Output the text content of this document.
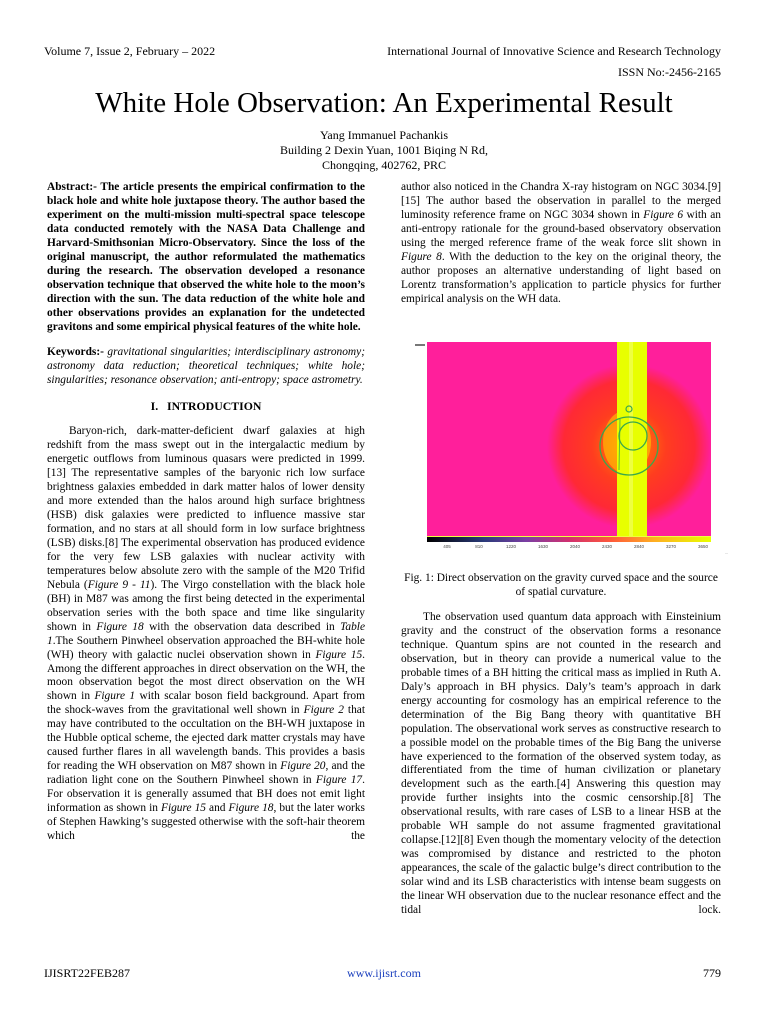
Volume 7, Issue 2, February – 2022	International Journal of Innovative Science and Research Technology
ISSN No:-2456-2165
White Hole Observation: An Experimental Result
Yang Immanuel Pachankis
Building 2 Dexin Yuan, 1001 Biqing N Rd,
Chongqing, 402762, PRC

Abstract:- The article presents the empirical confirmation to the black hole and white hole juxtapose theory. The author based the experiment on the multi-mission multi-spectral space telescope data conducted remotely with the NASA Data Challenge and Harvard-Smithsonian Micro-Observatory. Since the loss of the original manuscript, the author reformulated the mathematics during the research. The observation developed a resonance observation technique that observed the white hole to the moon’s direction with the sun. The data reduction of the white hole and other observations provides an explanation for the undetected gravitons and some empirical physical features of the white hole.

Keywords:- gravitational singularities; interdisciplinary astronomy; astronomy data reduction; theoretical techniques; white hole; singularities; resonance observation; anti-entropy; space astrometry.

I.   INTRODUCTION

Baryon-rich, dark-matter-deficient dwarf galaxies at high redshift from the mass swept out in the intergalactic medium by energetic outflows from luminous quasars were predicted in 1999.[13] The representative samples of the baryonic rich low surface brightness galaxies embedded in dark matter halos of lower density and more extended than the halos around high surface brightness (HSB) disk galaxies were predicted to influence massive star formation, and no stars at all should form in low surface brightness (LSB) disks.[8] The experimental observation has produced evidence for the very few LSB galaxies with nuclear activity with temperatures below absolute zero with the sample of the M20 Trifid Nebula (Figure 9 - 11). The Virgo constellation with the black hole (BH) in M87 was among the first being detected in the experimental observation series with the both space and time like singularity shown in Figure 18 with the observation data described in Table 1.The Southern Pinwheel observation approached the BH-white hole (WH) theory with galactic nuclei observation shown in Figure 15. Among the different approaches in direct observation on the WH, the moon observation begot the most direct observation on the WH shown in Figure 1 with scalar boson field background. Apart from the shock-waves from the gravitational well shown in Figure 2 that may have contributed to the occultation on the BH-WH juxtapose in the Hubble optical scheme, the ejected dark matter crystals may have caused further flares in all wavelength bands. This provides a basis for reading the WH observation on M87 shown in Figure 20, and the radiation light cone on the Southern Pinwheel shown in Figure 17. For observation it is generally assumed that BH does not emit light information as shown in Figure 15 and Figure 18, but the later works of Stephen Hawking’s suggested otherwise with the soft-hair theorem which the

author also noticed in the Chandra X-ray histogram on NGC 3034.[9] [15] The author based the observation in parallel to the merged luminosity reference frame on NGC 3034 shown in Figure 6 with an anti-entropy rationale for the ground-based observatory observation using the merged reference frame of the weak force slit shown in Figure 8. With the deduction to the key on the original theory, the author proposes an alternative understanding of light based on Lorentz transformation’s application to particle physics for further empirical analysis on the WH data.

405	810	1220	1630	2040	2430	2840	3270	3650
...
Fig. 1: Direct observation on the gravity curved space and the source of spatial curvature.

The observation used quantum data approach with Einsteinium gravity and the construct of the observation forms a resonance technique. Quantum spins are not counted in the research and observation, but in theory can provide a numerical value to the probable times of a BH hitting the critical mass as implied in Ruth A. Daly’s approach in BH physics. Daly’s team’s approach in dark energy accounting for cosmology has an empirical reference to the determination of the Big Bang theory with quantitative BH population. The observational work serves as constructive research to a possible model on the probable times of the Big Bang the universe have experienced to the formation of the observed system today, as differentiated from the time of human civilization or planetary development such as the earth.[4] Answering this question may provide further insights into the cosmic censorship.[8] The observational results, with rare cases of LSB to a linear HSB at the probable WH sample do not assume fragmented gravitational collapse.[12][8] Even though the momentary velocity of the detection was compromised by distance and restricted to the photon appearances, the scale of the galactic bulge’s direct contribution to the solar wind and its LSB characteristics with intense beam suggests on the linear WH observation due to the nuclear resonance effect and the tidal lock.

IJISRT22FEB287	www.ijisrt.com	779
